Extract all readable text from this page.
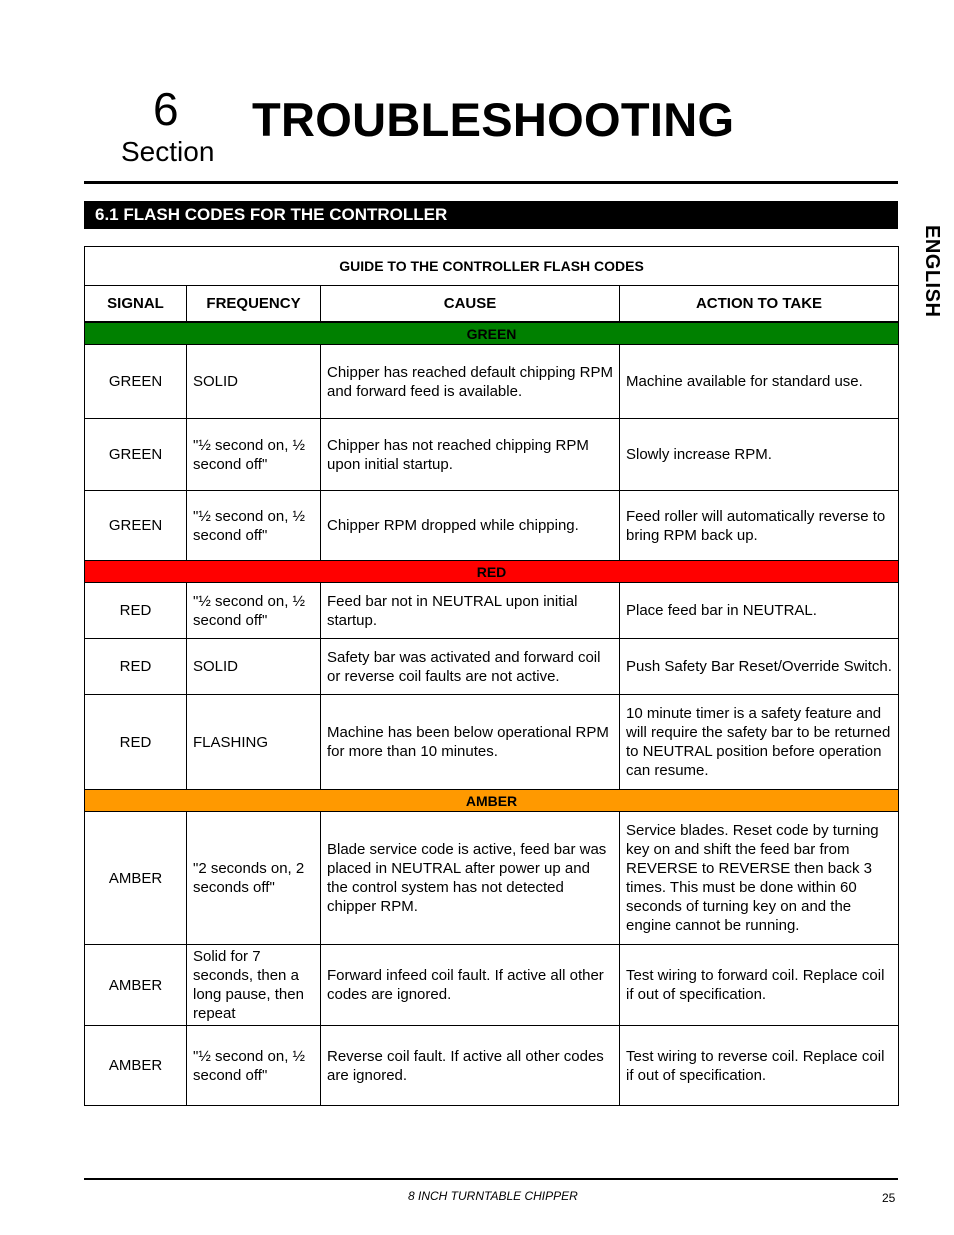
6
Section
TROUBLESHOOTING
6.1 FLASH CODES FOR THE CONTROLLER
ENGLISH
GUIDE TO THE CONTROLLER FLASH CODES			
SIGNAL	FREQUENCY	CAUSE	ACTION TO TAKE
GREEN			
GREEN	SOLID	Chipper has reached default chipping RPM and forward feed is available.	Machine available for standard use.
GREEN	"½ second on, ½ second off"	Chipper has not reached chipping RPM upon initial startup.	Slowly increase RPM.
GREEN	"½ second on, ½ second off"	Chipper RPM dropped while chipping.	Feed roller will automatically reverse to bring RPM back up.
RED			
RED	"½ second on, ½ second off"	Feed bar not in NEUTRAL upon initial startup.	Place feed bar in NEUTRAL.
RED	SOLID	Safety bar was activated and forward coil or reverse coil faults are not active.	Push Safety Bar Reset/Override Switch.
RED	FLASHING	Machine has been below operational RPM for more than 10 minutes.	10 minute timer is a safety feature and will require the safety bar to be returned to NEUTRAL position before operation can resume.
AMBER			
AMBER	"2 seconds on, 2 seconds off"	Blade service code is active, feed bar was placed in NEUTRAL after power up and the control system has not detected chipper RPM.	Service blades. Reset code by turning key on and shift the feed bar from REVERSE to REVERSE then back 3 times. This must be done within 60 seconds of turning key on and the engine cannot be running.
AMBER	Solid for 7 seconds, then a long pause, then repeat	Forward infeed coil fault. If active all other codes are ignored.	Test wiring to forward coil. Replace coil if out of specification.
AMBER	"½ second on, ½ second off"	Reverse coil fault. If active all other codes are ignored.	Test wiring to reverse coil. Replace coil if out of specification.
8 INCH TURNTABLE CHIPPER	25
